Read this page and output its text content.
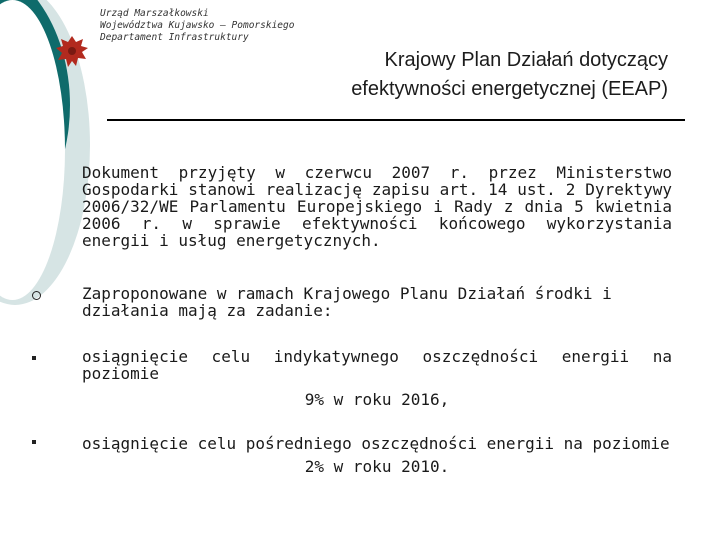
Urząd Marszałkowski
Województwa Kujawsko – Pomorskiego
Departament Infrastruktury
Krajowy Plan Działań dotyczący
efektywności energetycznej (EEAP)
Dokument przyjęty w czerwcu 2007 r. przez Ministerstwo Gospodarki stanowi realizację zapisu art. 14 ust. 2 Dyrektywy 2006/32/WE Parlamentu Europejskiego i Rady z dnia 5 kwietnia 2006 r. w sprawie efektywności końcowego wykorzystania energii i usług energetycznych.
Zaproponowane w ramach Krajowego Planu Działań środki i działania mają za zadanie:
osiągnięcie celu indykatywnego oszczędności energii na poziomie
9% w roku 2016,
osiągnięcie celu pośredniego oszczędności energii na poziomie
2% w roku 2010.
